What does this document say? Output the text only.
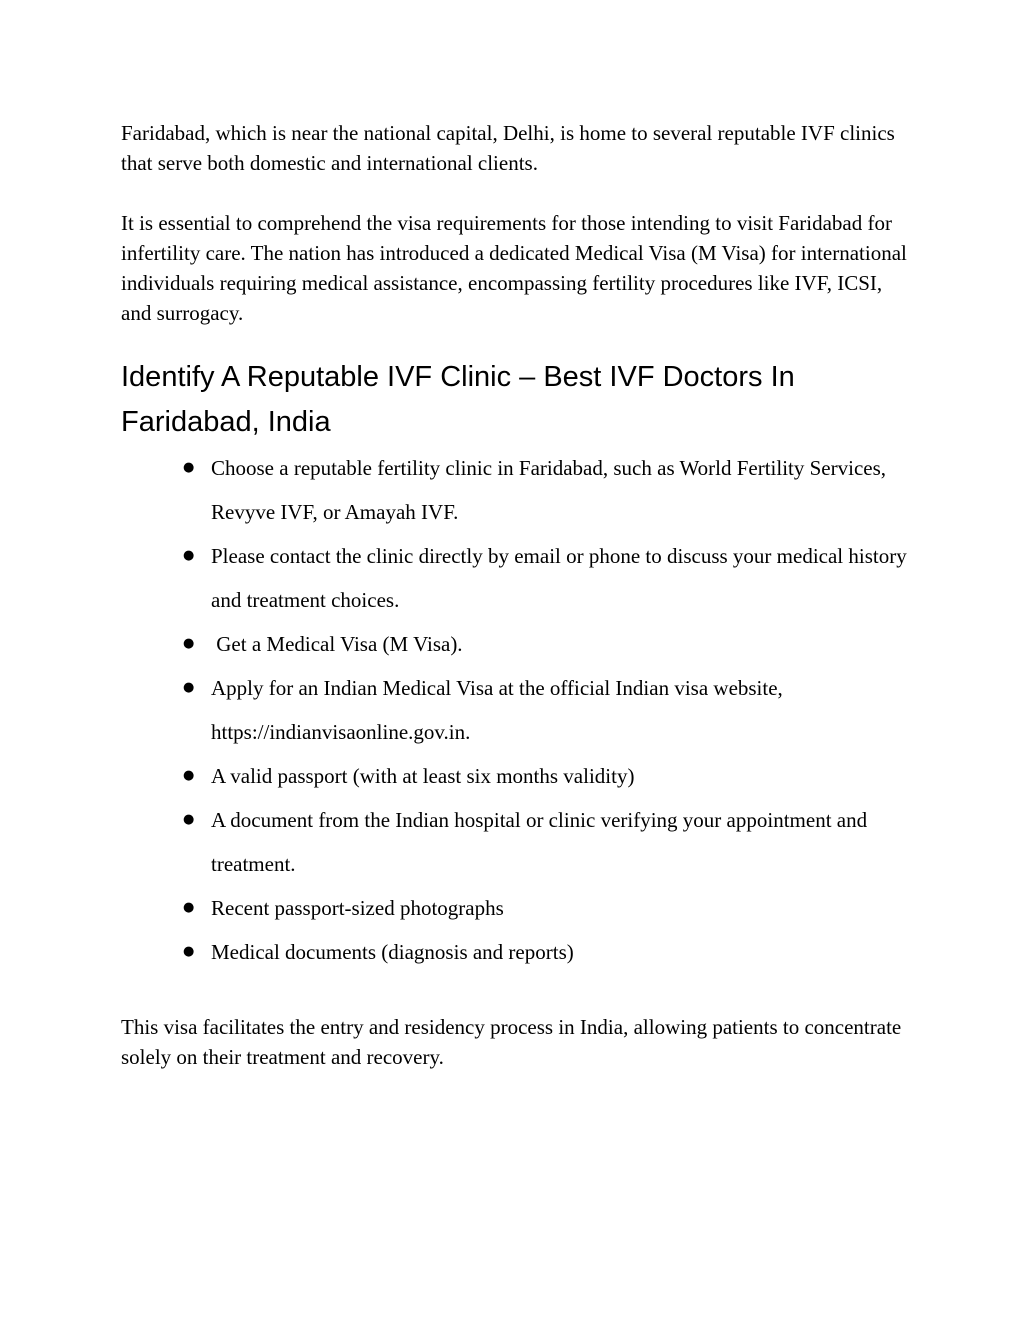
Faridabad, which is near the national capital, Delhi, is home to several reputable IVF clinics that serve both domestic and international clients.

It is essential to comprehend the visa requirements for those intending to visit Faridabad for infertility care. The nation has introduced a dedicated Medical Visa (M Visa) for international individuals requiring medical assistance, encompassing fertility procedures like IVF, ICSI, and surrogacy.

Identify A Reputable IVF Clinic – Best IVF Doctors In Faridabad, India
● Choose a reputable fertility clinic in Faridabad, such as World Fertility Services, Revyve IVF, or Amayah IVF.
● Please contact the clinic directly by email or phone to discuss your medical history and treatment choices.
● Get a Medical Visa (M Visa).
● Apply for an Indian Medical Visa at the official Indian visa website, https://indianvisaonline.gov.in.
● A valid passport (with at least six months validity)
● A document from the Indian hospital or clinic verifying your appointment and treatment.
● Recent passport-sized photographs
● Medical documents (diagnosis and reports)

This visa facilitates the entry and residency process in India, allowing patients to concentrate solely on their treatment and recovery.
